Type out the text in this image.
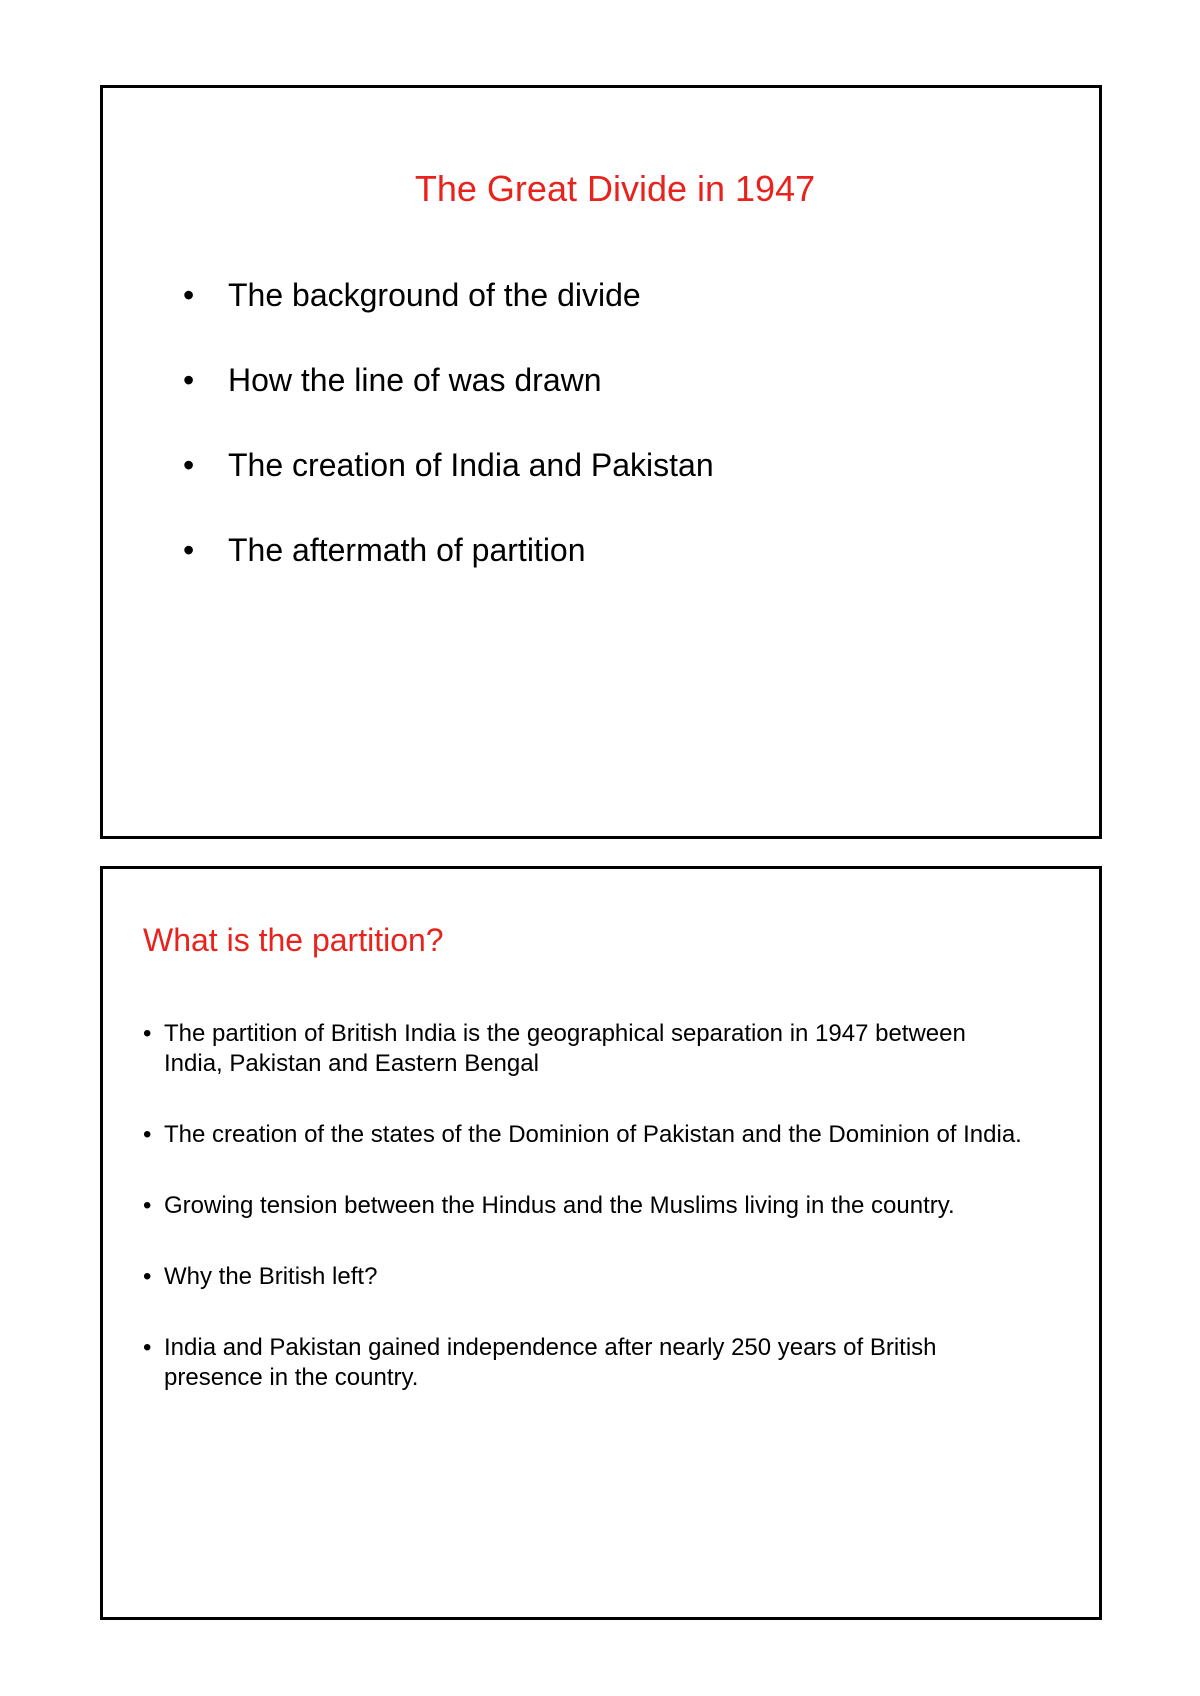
The Great Divide in 1947
• The background of the divide
• How the line of was drawn
• The creation of India and Pakistan
• The aftermath of partition
What is the partition?
• The partition of British India is the geographical separation in 1947 between India, Pakistan and Eastern Bengal
• The creation of the states of the Dominion of Pakistan and the Dominion of India.
• Growing tension between the Hindus and the Muslims living in the country.
• Why the British left?
• India and Pakistan gained independence after nearly 250 years of British presence in the country.
